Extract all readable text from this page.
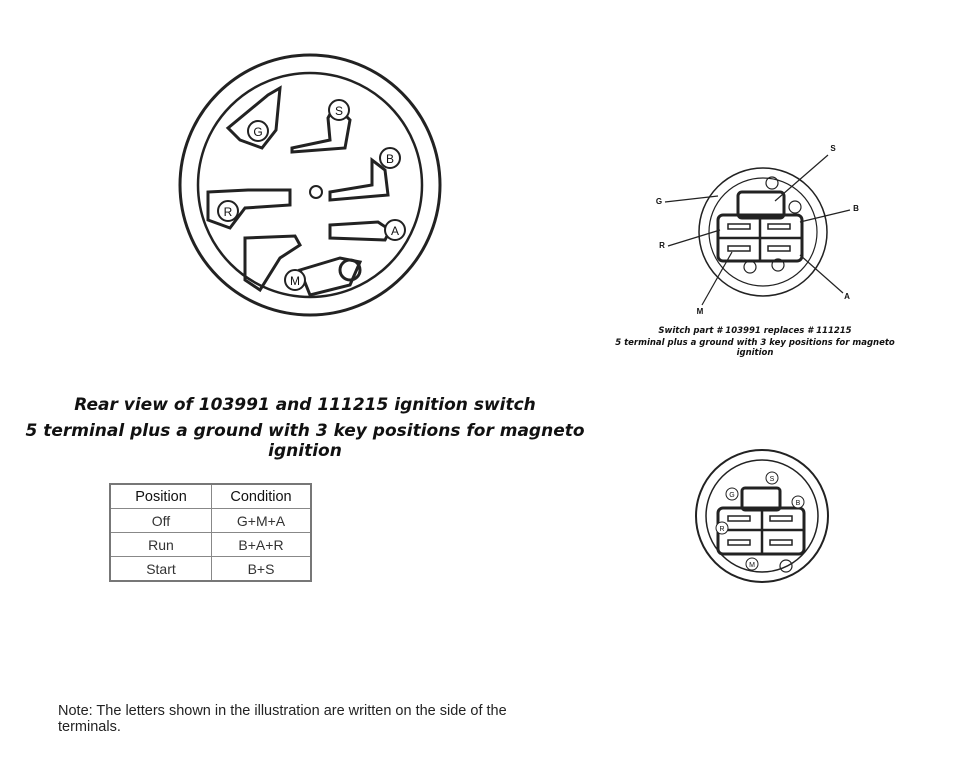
G
S
B
R
A
M
S
G
B
R
A
M
G
S
B
R
M
Rear view of 103991 and 111215 ignition switch
5 terminal plus a ground with 3 key positions for magneto ignition
Switch part # 103991 replaces # 111215
5 terminal plus a ground with 3 key positions for magneto ignition
Position	Condition
Off	G+M+A
Run	B+A+R
Start	B+S
Note: The letters shown in the illustration are written on the side of the terminals.
